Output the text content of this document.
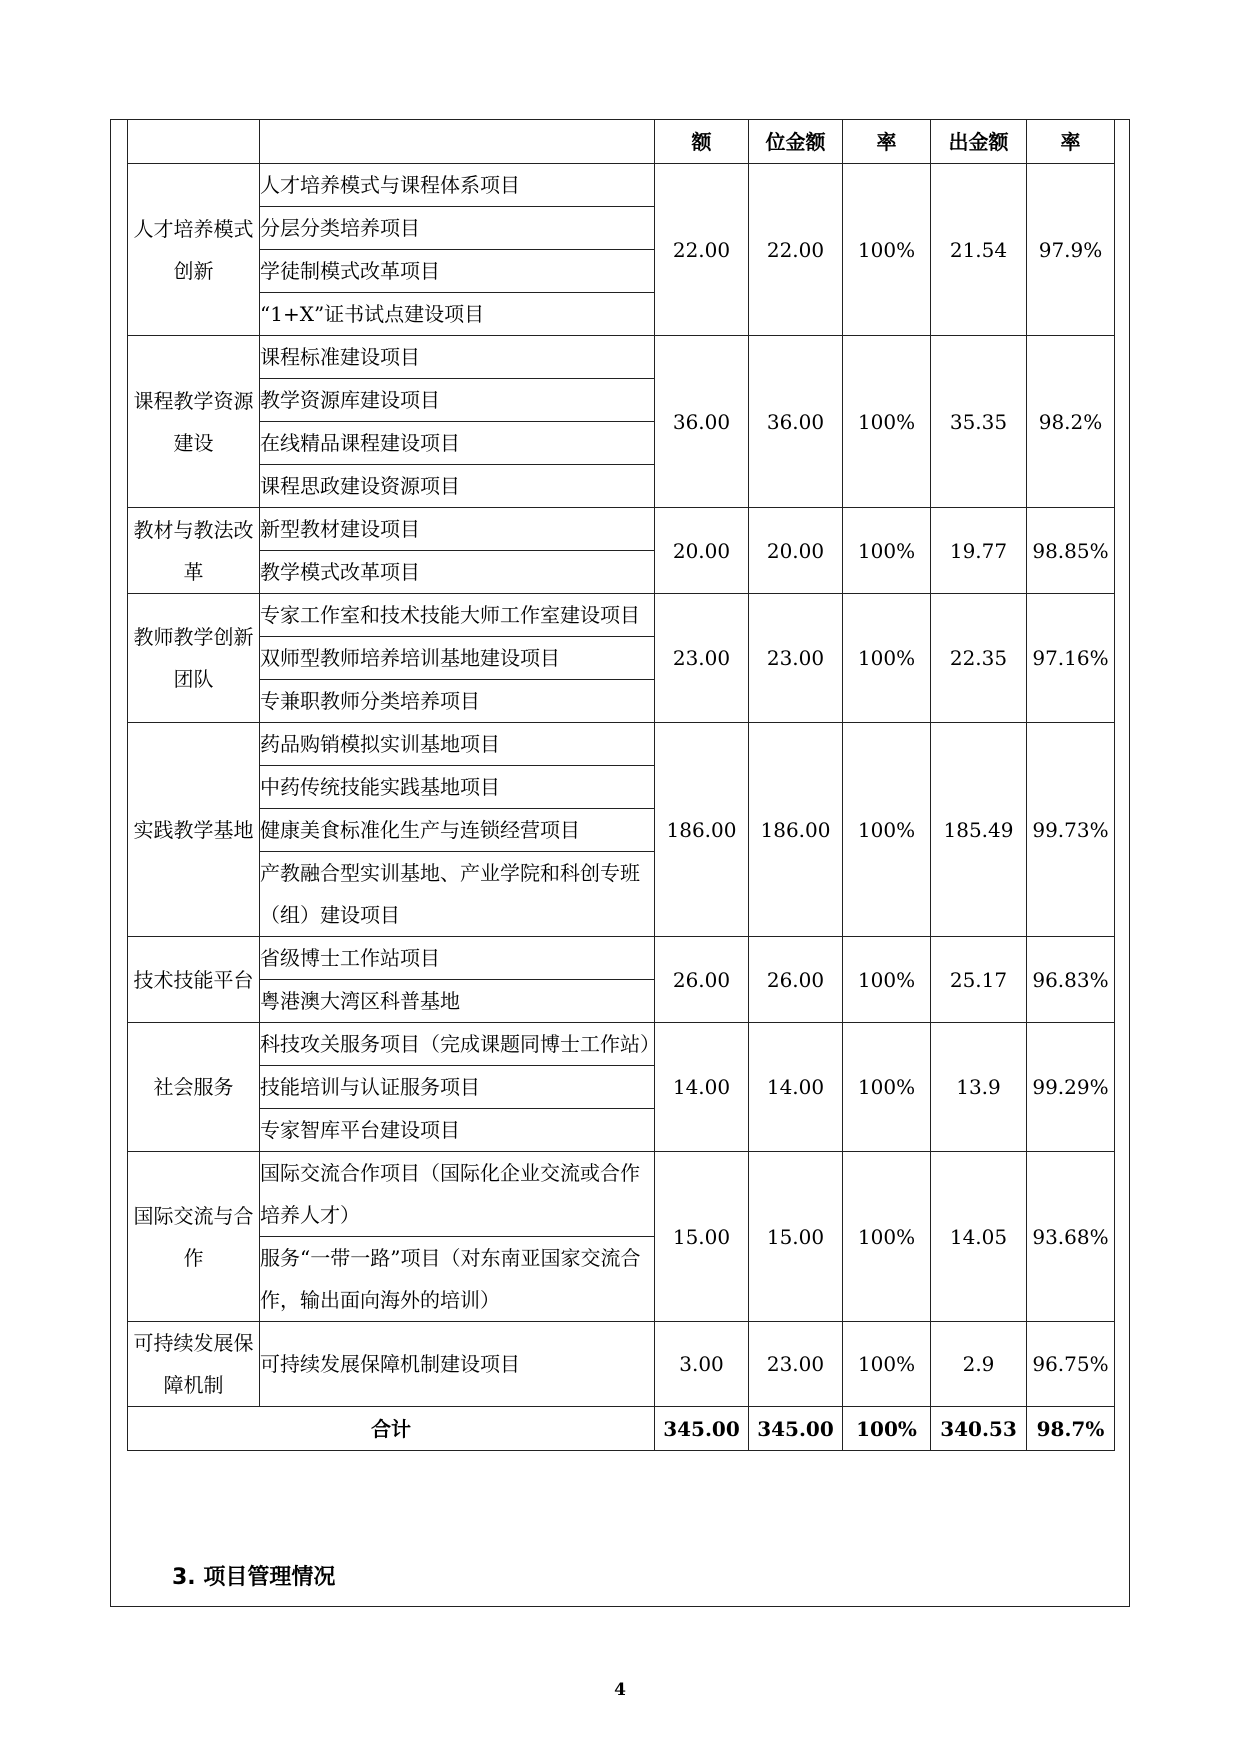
		额	位金额	率	出金额	率
人才培养模式创新	人才培养模式与课程体系项目	22.00	22.00	100%	21.54	97.9%
	分层分类培养项目					
	学徒制模式改革项目					
	“1+X”证书试点建设项目					
课程教学资源建设	课程标准建设项目	36.00	36.00	100%	35.35	98.2%
	教学资源库建设项目					
	在线精品课程建设项目					
	课程思政建设资源项目					
教材与教法改革	新型教材建设项目	20.00	20.00	100%	19.77	98.85%
	教学模式改革项目					
教师教学创新团队	专家工作室和技术技能大师工作室建设项目	23.00	23.00	100%	22.35	97.16%
	双师型教师培养培训基地建设项目					
	专兼职教师分类培养项目					
实践教学基地	药品购销模拟实训基地项目	186.00	186.00	100%	185.49	99.73%
	中药传统技能实践基地项目					
	健康美食标准化生产与连锁经营项目					
	产教融合型实训基地、产业学院和科创专班（组）建设项目					
技术技能平台	省级博士工作站项目	26.00	26.00	100%	25.17	96.83%
	粤港澳大湾区科普基地					
社会服务	科技攻关服务项目（完成课题同博士工作站）	14.00	14.00	100%	13.9	99.29%
	技能培训与认证服务项目					
	专家智库平台建设项目					
国际交流与合作	国际交流合作项目（国际化企业交流或合作培养人才）	15.00	15.00	100%	14.05	93.68%
	服务“一带一路”项目（对东南亚国家交流合作，输出面向海外的培训）					
可持续发展保障机制	可持续发展保障机制建设项目	3.00	23.00	100%	2.9	96.75%
合计		345.00	345.00	100%	340.53	98.7%
3. 项目管理情况
4
